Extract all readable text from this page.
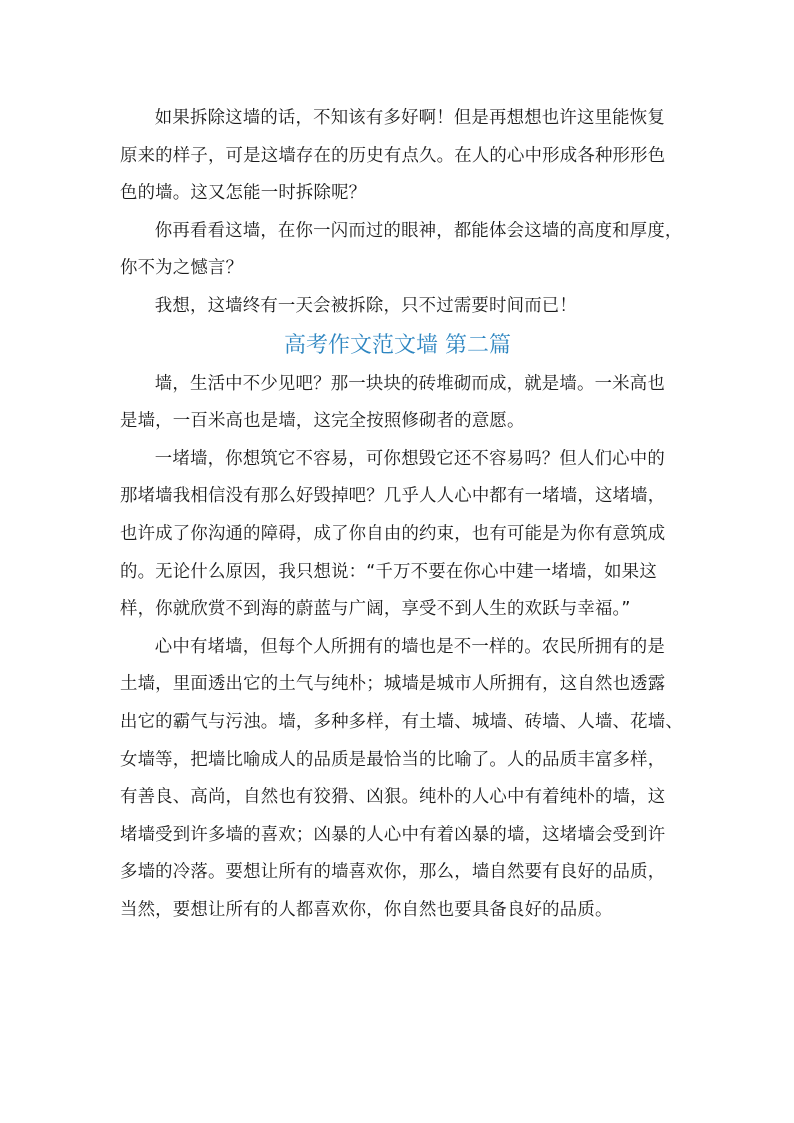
如果拆除这墙的话，不知该有多好啊！但是再想想也许这里能恢复
原来的样子，可是这墙存在的历史有点久。在人的心中形成各种形形色
色的墙。这又怎能一时拆除呢？

你再看看这墙，在你一闪而过的眼神，都能体会这墙的高度和厚度，
你不为之憾言？

我想，这墙终有一天会被拆除，只不过需要时间而已！

高考作文范文墙 第二篇

墙，生活中不少见吧？那一块块的砖堆砌而成，就是墙。一米高也
是墙，一百米高也是墙，这完全按照修砌者的意愿。

一堵墙，你想筑它不容易，可你想毁它还不容易吗？但人们心中的
那堵墙我相信没有那么好毁掉吧？几乎人人心中都有一堵墙，这堵墙，
也许成了你沟通的障碍，成了你自由的约束，也有可能是为你有意筑成
的。无论什么原因，我只想说：“千万不要在你心中建一堵墙，如果这
样，你就欣赏不到海的蔚蓝与广阔，享受不到人生的欢跃与幸福。”

心中有堵墙，但每个人所拥有的墙也是不一样的。农民所拥有的是
土墙，里面透出它的土气与纯朴；城墙是城市人所拥有，这自然也透露
出它的霸气与污浊。墙，多种多样，有土墙、城墙、砖墙、人墙、花墙、
女墙等，把墙比喻成人的品质是最恰当的比喻了。人的品质丰富多样，
有善良、高尚，自然也有狡猾、凶狠。纯朴的人心中有着纯朴的墙，这
堵墙受到许多墙的喜欢；凶暴的人心中有着凶暴的墙，这堵墙会受到许
多墙的冷落。要想让所有的墙喜欢你，那么，墙自然要有良好的品质，
当然，要想让所有的人都喜欢你，你自然也要具备良好的品质。
